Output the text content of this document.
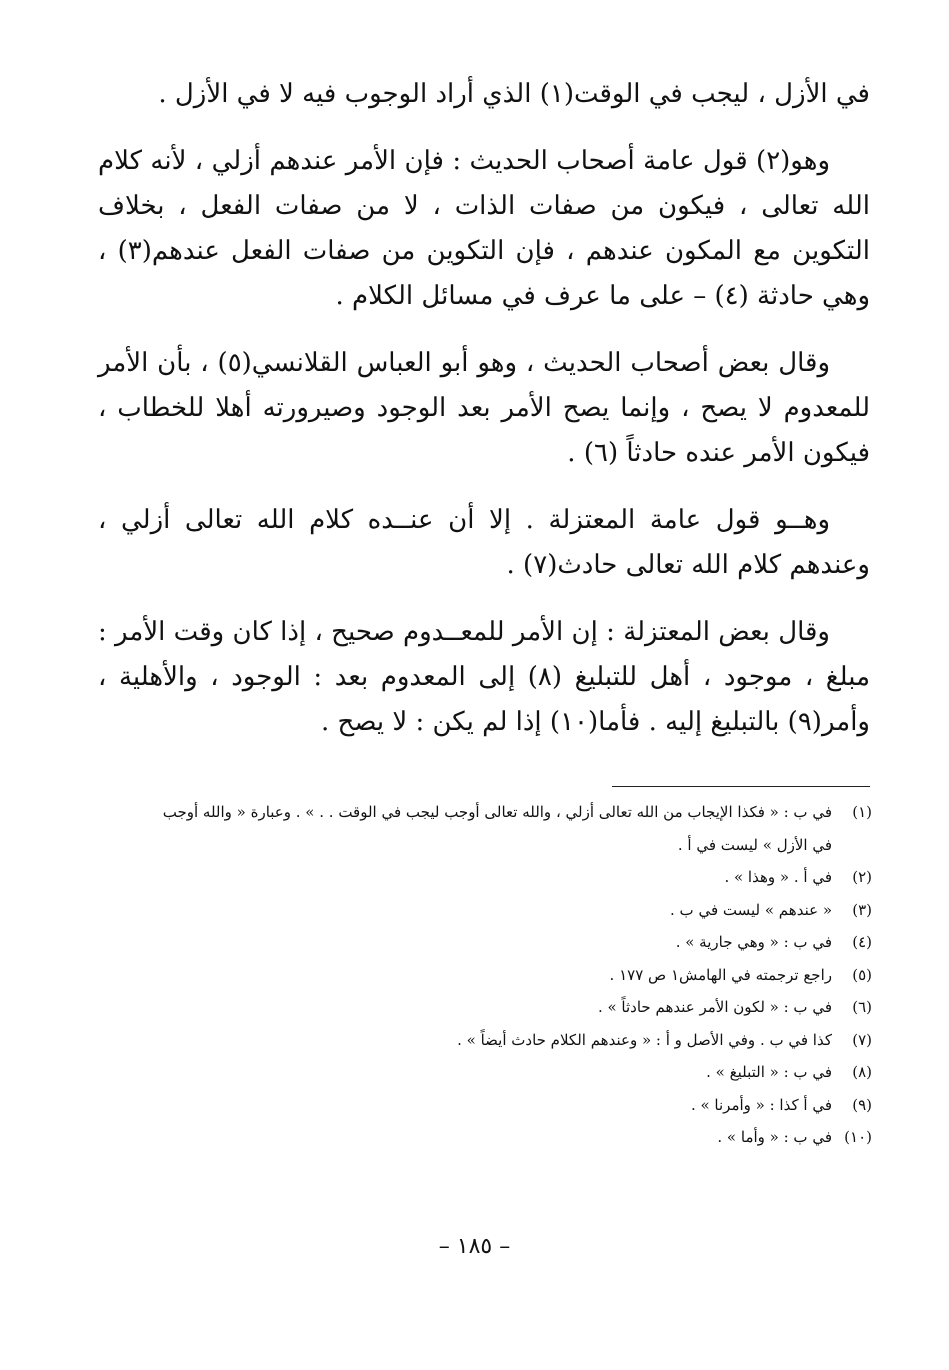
في الأزل ، ليجب في الوقت(١) الذي أراد الوجوب فيه لا في الأزل .

وهو(٢) قول عامة أصحاب الحديث : فإن الأمر عندهم أزلي ، لأنه كلام الله تعالى ، فيكون من صفات الذات ، لا من صفات الفعل ، بخلاف التكوين مع المكون عندهم ، فإن التكوين من صفات الفعل عندهم(٣) ، وهي حادثة (٤) – على ما عرف في مسائل الكلام .

وقال بعض أصحاب الحديث ، وهو أبو العباس القلانسي(٥) ، بأن الأمر للمعدوم لا يصح ، وإنما يصح الأمر بعد الوجود وصيرورته أهلا للخطاب ، فيكون الأمر عنده حادثاً (٦) .

وهــو قول عامة المعتزلة . إلا أن عنــده كلام الله تعالى أزلي ، وعندهم كلام الله تعالى حادث(٧) .

وقال بعض المعتزلة : إن الأمر للمعــدوم صحيح ، إذا كان وقت الأمر : مبلغ ، موجود ، أهل للتبليغ (٨) إلى المعدوم بعد : الوجود ، والأهلية ، وأمر(٩) بالتبليغ إليه . فأما(١٠) إذا لم يكن : لا يصح .

(١)في ب : « فكذا الإيجاب من الله تعالى أزلي ، والله تعالى أوجب ليجب في الوقت . . » . وعبارة « والله أوجب

في الأزل » ليست في أ .

(٢)في أ . « وهذا » .

(٣)« عندهم » ليست في ب .

(٤)في ب : « وهي جارية » .

(٥)راجع ترجمته في الهامش١ ص ١٧٧ .

(٦)في ب : « لكون الأمر عندهم حادثاً » .

(٧)كذا في ب . وفي الأصل و أ : « وعندهم الكلام حادث أيضاً » .

(٨)في ب : « التبليغ » .

(٩)في أ كذا : « وأمرنا » .

(١٠)في ب : « وأما » .

– ١٨٥ –
